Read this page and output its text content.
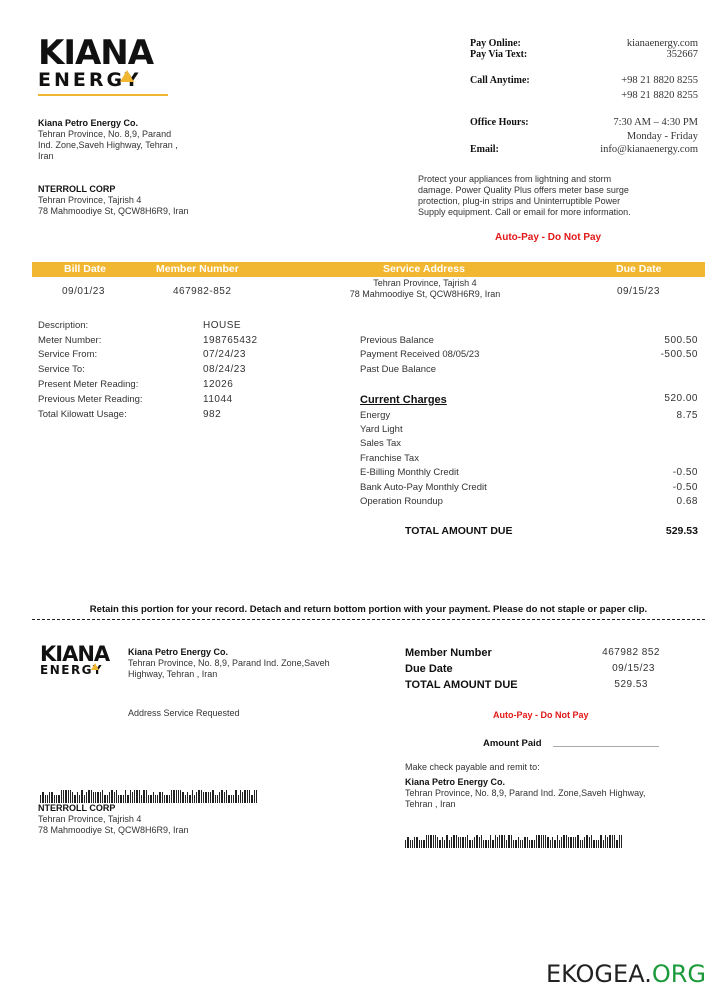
KIANA
ENERGY
Kiana Petro Energy Co.
Tehran Province, No. 8,9, Parand
Ind. Zone,Saveh Highway, Tehran ,
Iran
NTERROLL CORP
Tehran Province, Tajrish 4
78 Mahmoodiye St, QCW8H6R9, Iran
Pay Online:	kianaenergy.com
Pay Via Text:	352667
Call Anytime:	+98 21 8820 8255
+98 21 8820 8255
Office Hours:	7:30 AM – 4:30 PM
Monday - Friday
Email:	info@kianaenergy.com
Protect your appliances from lightning and storm
damage. Power Quality Plus offers meter base surge
protection, plug-in strips and Uninterruptible Power
Supply equipment. Call or email for more information.
Auto-Pay - Do Not Pay
Bill Date	Member Number	Service Address	Due Date
09/01/23	467982-852
Tehran Province, Tajrish 4
78 Mahmoodiye St, QCW8H6R9, Iran	09/15/23
Description:	HOUSE
Meter Number:	198765432
Service From:	07/24/23
Service To:	08/24/23
Present Meter Reading:	12026
Previous Meter Reading:	11044
Total Kilowatt Usage:	982
Previous Balance	500.50
Payment Received 08/05/23	-500.50
Past Due Balance
Current Charges	520.00
Energy	8.75
Yard Light
Sales Tax
Franchise Tax
E-Billing Monthly Credit	-0.50
Bank Auto-Pay Monthly Credit	-0.50
Operation Roundup	0.68
TOTAL AMOUNT DUE	529.53
Retain this portion for your record. Detach and return bottom portion with your payment. Please do not staple or paper clip.
KIANA
ENERGY
Kiana Petro Energy Co.
Tehran Province, No. 8,9, Parand Ind. Zone,Saveh
Highway, Tehran , Iran
Address Service Requested
Member Number	467982 852
Due Date	09/15/23
TOTAL AMOUNT DUE	529.53
Auto-Pay - Do Not Pay
Amount Paid
Make check payable and remit to:
Kiana Petro Energy Co.
Tehran Province, No. 8,9, Parand Ind. Zone,Saveh Highway,
Tehran , Iran
NTERROLL CORP
Tehran Province, Tajrish 4
78 Mahmoodiye St, QCW8H6R9, Iran
EKOGEA.ORG
